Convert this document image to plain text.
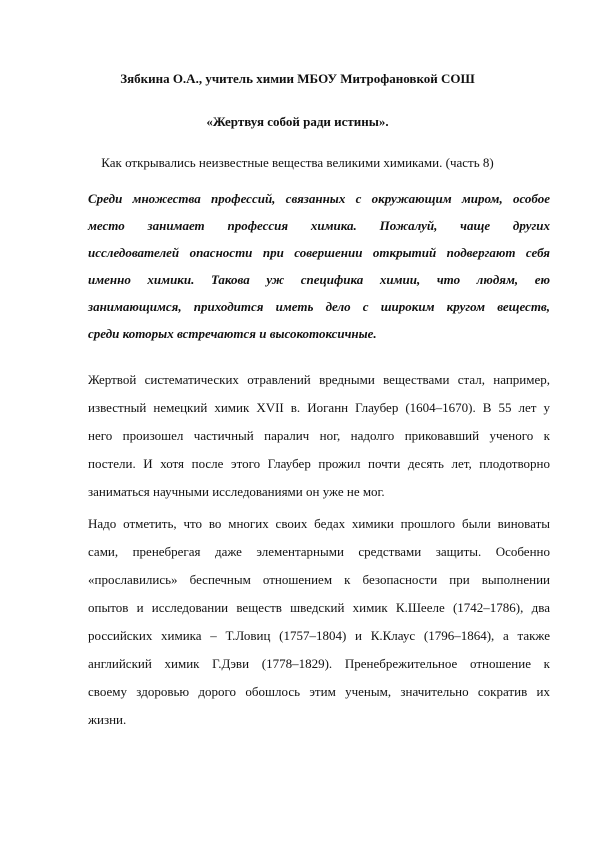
Зябкина О.А., учитель химии МБОУ Митрофановкой СОШ
«Жертвуя собой ради истины».
Как открывались неизвестные вещества великими химиками. (часть 8)
Среди множества профессий, связанных с окружающим миром, особое
место занимает профессия химика. Пожалуй, чаще других
исследователей опасности при совершении открытий подвергают себя
именно химики. Такова уж специфика химии, что людям, ею
занимающимся, приходится иметь дело с широким кругом веществ,
среди которых встречаются и высокотоксичные.
Жертвой систематических отравлений вредными веществами стал, например,
известный немецкий химик XVII в. Иоганн Глаубер (1604–1670). В 55 лет у
него произошел частичный паралич ног, надолго приковавший ученого к
постели. И хотя после этого Глаубер прожил почти десять лет, плодотворно
заниматься научными исследованиями он уже не мог.
Надо отметить, что во многих своих бедах химики прошлого были виноваты
сами, пренебрегая даже элементарными средствами защиты. Особенно
«прославились» беспечным отношением к безопасности при выполнении
опытов и исследовании веществ шведский химик К.Шееле (1742–1786), два
российских химика – Т.Ловиц (1757–1804) и К.Клаус (1796–1864), а также
английский химик Г.Дэви (1778–1829). Пренебрежительное отношение к
своему здоровью дорого обошлось этим ученым, значительно сократив их
жизни.
